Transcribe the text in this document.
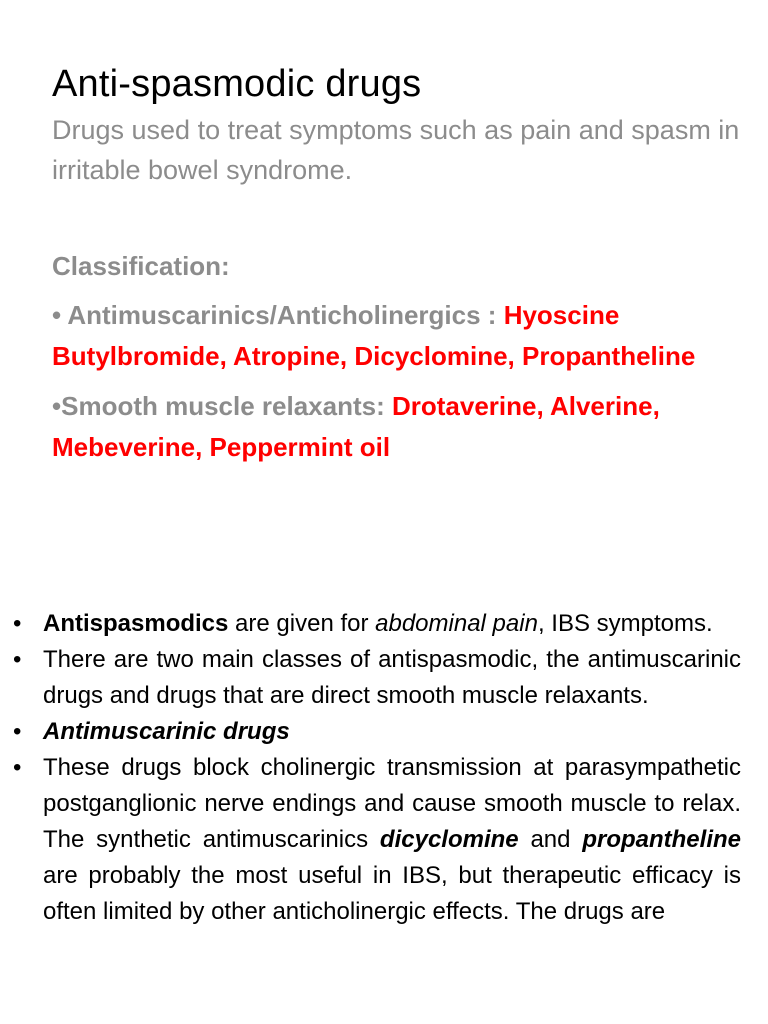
Anti-spasmodic drugs
Drugs used to treat symptoms such as pain and spasm in irritable bowel syndrome.
Classification:
• Antimuscarinics/Anticholinergics : Hyoscine Butylbromide, Atropine, Dicyclomine, Propantheline
•Smooth muscle relaxants: Drotaverine, Alverine, Mebeverine, Peppermint oil
• Antispasmodics are given for abdominal pain, IBS symptoms.
• There are two main classes of antispasmodic, the antimuscarinic drugs and drugs that are direct smooth muscle relaxants.
• Antimuscarinic drugs
• These drugs block cholinergic transmission at parasympathetic postganglionic nerve endings and cause smooth muscle to relax. The synthetic antimuscarinics dicyclomine and propantheline are probably the most useful in IBS, but therapeutic efficacy is often limited by other anticholinergic effects. The drugs are
